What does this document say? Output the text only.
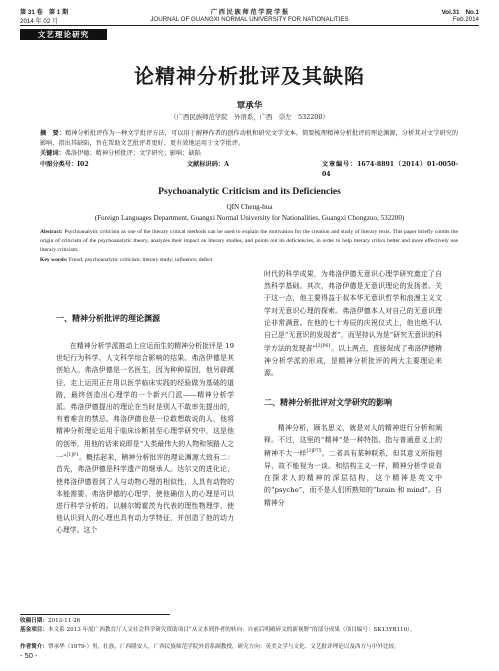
第 31 卷　第 1 期	广 西 民 族 师 范 学 院 学 报	Vol.31　No.1
2014 年 02 月	JOURNAL OF GUANGXI NORMAL UNIVERSITY FOR NATIONALITIES	Feb.2014
文艺理论研究
论精神分析批评及其缺陷
覃承华
（广西民族师范学院　外语系，广西　崇左　532200）
摘　要：精神分析批评作为一种文学批评方法，可以用于解释作者的创作动机和研究文学文本。简要梳理精神分析批评的理论渊源，分析其对文学研究的影响，指出其缺陷，旨在帮助文艺批评者更好、更有效地运用于文学批评。
关键词：弗洛伊德；精神分析批评；文学研究；影响；缺陷
中图分类号：I02	文献标识码：A	文章编号：1674-8891（2014）01-0050-04
Psychoanalytic Criticism and its Deficiencies
QIN Cheng-hua
(Foreign Languages Department, Guangxi Normal University for Nationalities, Guangxi Chongzuo, 532200)
Abstract: Psychoanalytic criticism as one of the literary critical methods can be used to explain the motivation for the creation and study of literary texts. This paper briefly combs the origin of criticism of the psychoanalytic theory, analyzes their impact on literary studies, and points out its deficiencies, in order to help literary critics better and more effectively use literary criticism.
Key words: Freud; psychoanalytic criticism; literary study; influence; defect
一、精神分析批评的理论渊源

在精神分析学派推动上应运而生的精神分析批评是 19 世纪行为科学、人文科学综合影响的结果。弗洛伊德是其创始人。弗洛伊德是一名医生，因为种种原因，他另辟蹊径，走上运用正在用以医学临床实践的经验做为基础的道路，最终创造出心理学的一个新兴门派——精神分析学派。弗洛伊德提出的理论在当时是别人不敢率先提出的，有着难言的禁忌。弗洛伊德也是一位敢想敢说的人，他将精神分析理论运用于临床诊断甚至心理学研究中，这是他的创举，用他的话来说即是“人类最伟大的人物和领路人之一”$^{[1]P1}$。概括起来，精神分析批评的理论渊源大致有二：首先，弗洛伊德是科学遗产的继承人。达尔文的进化论，使弗洛伊德看到了人与动物心理的相似性，人具有动物的本能需要。弗洛伊德的心理学，使他确信人的心理是可以进行科学分析的。以赫尔姆霍茨为代表的理性物理学，使他认识到人的心理也具有动力学特征，并创造了他的动力心理学。这个

时代的科学成果，为弗洛伊德无意识心理学研究奠定了自然科学基础。其次，弗洛伊德是无意识理论的发扬者。关于这一点，他主要得益于叔本华无意识哲学和浪漫主义文学对无意识心理的探索。弗洛伊德本人对自己的无意识理论非常满意。在他的七十寿辰的庆祝仪式上，他也绝不认自己是“无意识的发现者”，而坚持认为是“研究无意识的科学方法的发现者”$^{[2]P61}$。以上两点，直接促成了弗洛伊德精神分析学派的形成，是精神分析批评的两大主要理论来源。

二、精神分析批评对文学研究的影响

精神分析，顾名思义，就是对人的精神进行分析和阐释。不过，这里的“精神”是一种特指，指与普通意义上的精神不大一样$^{[3]P75}$。二者具有某种联系，但其意义所指迥异，故不能视为一谈。和结构主义一样，精神分析学说肯在探求人的精神的深层结构，这个精神是英文中的“psyche”，而不是人们所熟知的“brain 和 mind”。自精神分

收稿日期：2013-11-26
基金项目：本文系 2013 年度广西教育厅人文社会科学研究资助项目“从文本到作者的转向：自前后明破碎文的新视野”的部分成果（项目编号：SK13YB110）。
作者简介：覃承华（1979-）男，壮族，广西隆安人，广西民族师范学院外语系副教授，研究方向：英美文学与文化、文艺批评理论以及西方与中外比较。
- 50 -
